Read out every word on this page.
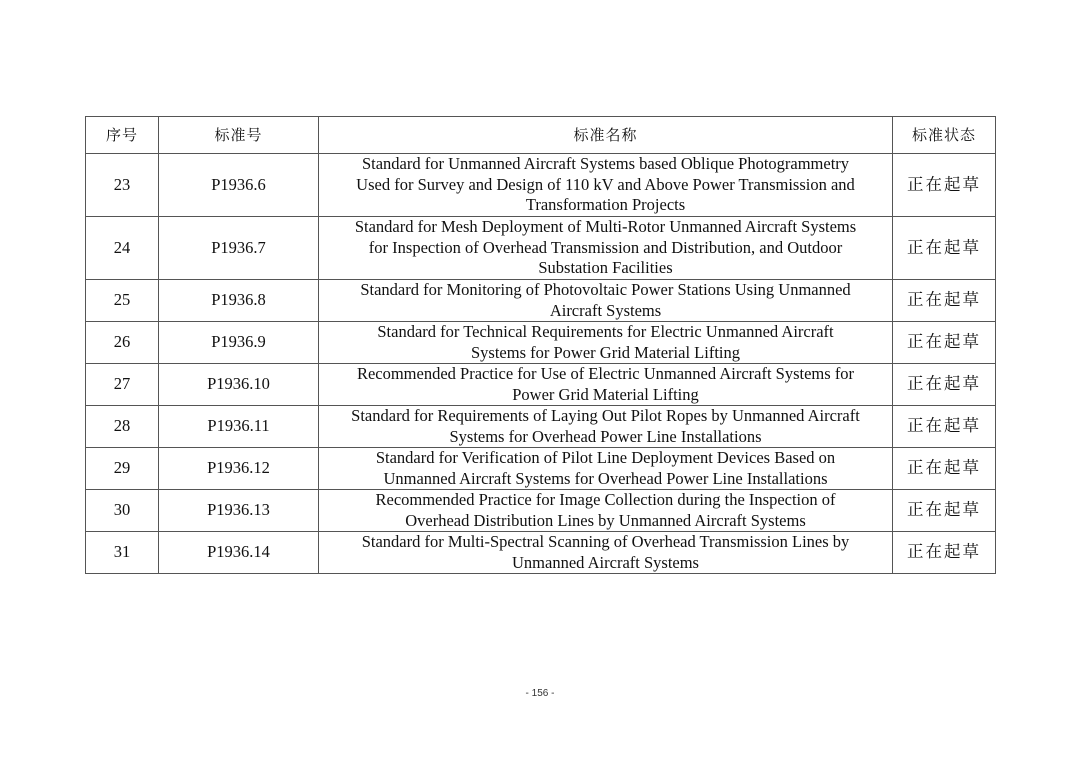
序号	标准号	标准名称	标准状态
23	P1936.6	Standard for Unmanned Aircraft Systems based Oblique Photogrammetry
Used for Survey and Design of 110 kV and Above Power Transmission and
Transformation Projects	正在起草
24	P1936.7	Standard for Mesh Deployment of Multi-Rotor Unmanned Aircraft Systems
for Inspection of Overhead Transmission and Distribution, and Outdoor
Substation Facilities	正在起草
25	P1936.8	Standard for Monitoring of Photovoltaic Power Stations Using Unmanned
Aircraft Systems	正在起草
26	P1936.9	Standard for Technical Requirements for Electric Unmanned Aircraft
Systems for Power Grid Material Lifting	正在起草
27	P1936.10	Recommended Practice for Use of Electric Unmanned Aircraft Systems for
Power Grid Material Lifting	正在起草
28	P1936.11	Standard for Requirements of Laying Out Pilot Ropes by Unmanned Aircraft
Systems for Overhead Power Line Installations	正在起草
29	P1936.12	Standard for Verification of Pilot Line Deployment Devices Based on
Unmanned Aircraft Systems for Overhead Power Line Installations	正在起草
30	P1936.13	Recommended Practice for Image Collection during the Inspection of
Overhead Distribution Lines by Unmanned Aircraft Systems	正在起草
31	P1936.14	Standard for Multi-Spectral Scanning of Overhead Transmission Lines by
Unmanned Aircraft Systems	正在起草
- 156 -
